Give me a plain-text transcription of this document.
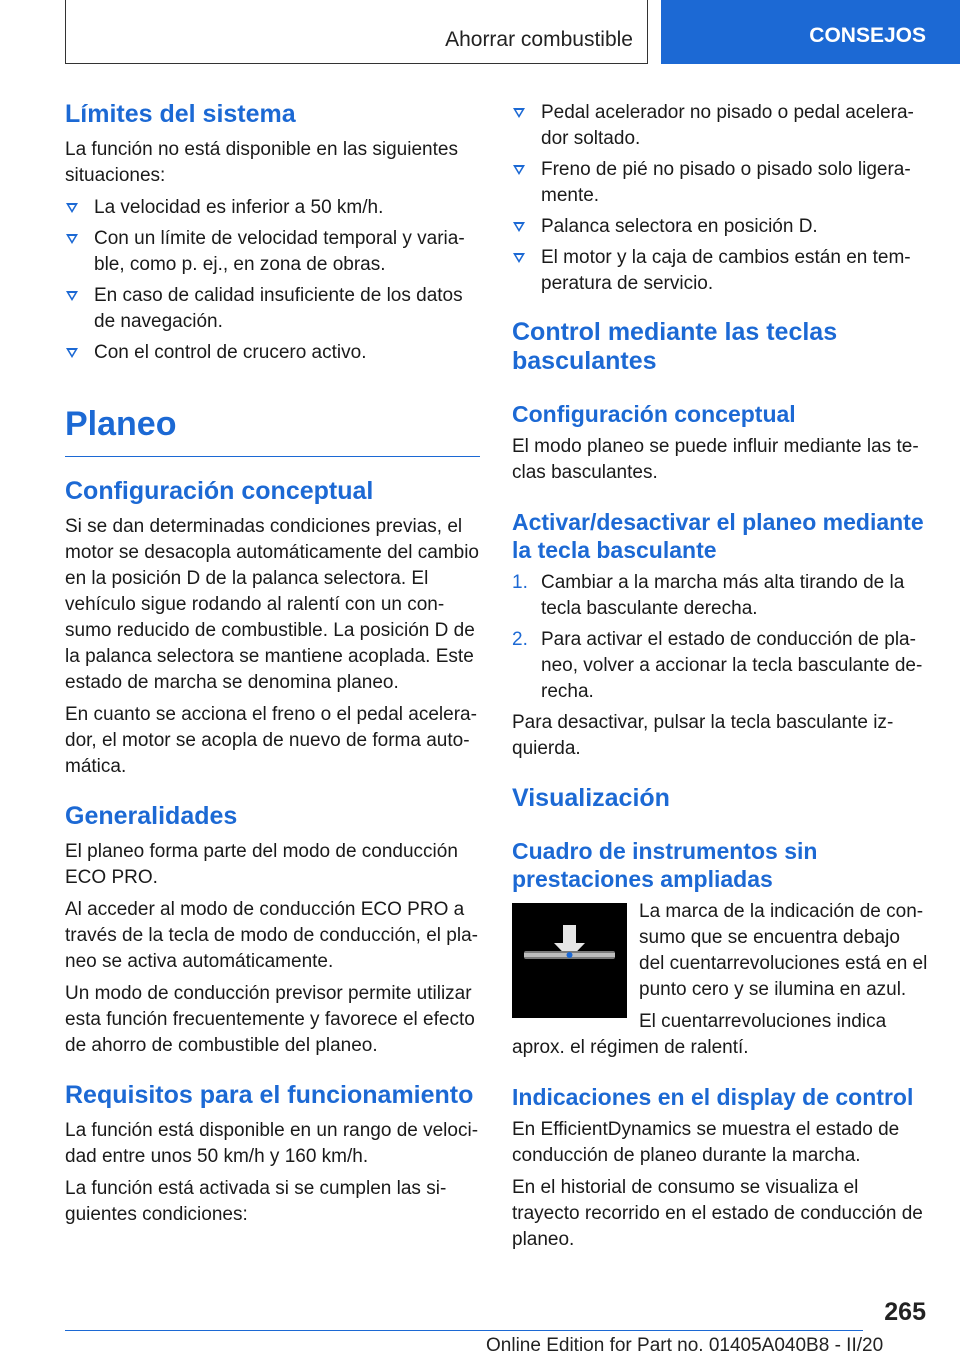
Ahorrar combustible	CONSEJOS
Límites del sistema

La función no está disponible en las siguientes situaciones:

La velocidad es inferior a 50 km/h.
Con un límite de velocidad temporal y variable, como p. ej., en zona de obras.
En caso de calidad insuficiente de los datos de navegación.
Con el control de crucero activo.
Planeo
Configuración conceptual

Si se dan determinadas condiciones previas, el motor se desacopla automáticamente del cambio en la posición D de la palanca selectora. El vehículo sigue rodando al ralentí con un consumo reducido de combustible. La posición D de la palanca selectora se mantiene acoplada. Este estado de marcha se denomina planeo.

En cuanto se acciona el freno o el pedal acelerador, el motor se acopla de nuevo de forma automática.

Generalidades

El planeo forma parte del modo de conducción ECO PRO.

Al acceder al modo de conducción ECO PRO a través de la tecla de modo de conducción, el planeo se activa automáticamente.

Un modo de conducción previsor permite utilizar esta función frecuentemente y favorece el efecto de ahorro de combustible del planeo.

Requisitos para el funcionamiento

La función está disponible en un rango de velocidad entre unos 50 km/h y 160 km/h.

La función está activada si se cumplen las siguientes condiciones:

Pedal acelerador no pisado o pedal acelerador soltado.
Freno de pié no pisado o pisado solo ligeramente.
Palanca selectora en posición D.
El motor y la caja de cambios están en temperatura de servicio.
Control mediante las teclas basculantes
Configuración conceptual

El modo planeo se puede influir mediante las teclas basculantes.

Activar/desactivar el planeo mediante la tecla basculante
1. Cambiar a la marcha más alta tirando de la tecla basculante derecha.
2. Para activar el estado de conducción de planeo, volver a accionar la tecla basculante derecha.

Para desactivar, pulsar la tecla basculante izquierda.

Visualización
Cuadro de instrumentos sin prestaciones ampliadas

La marca de la indicación de consumo que se encuentra debajo del cuentarrevoluciones está en el punto cero y se ilumina en azul.

El cuentarrevoluciones indica aprox. el régimen de ralentí.

Indicaciones en el display de control

En EfficientDynamics se muestra el estado de conducción de planeo durante la marcha.

En el historial de consumo se visualiza el trayecto recorrido en el estado de conducción de planeo.

265
Online Edition for Part no. 01405A040B8 - II/20
